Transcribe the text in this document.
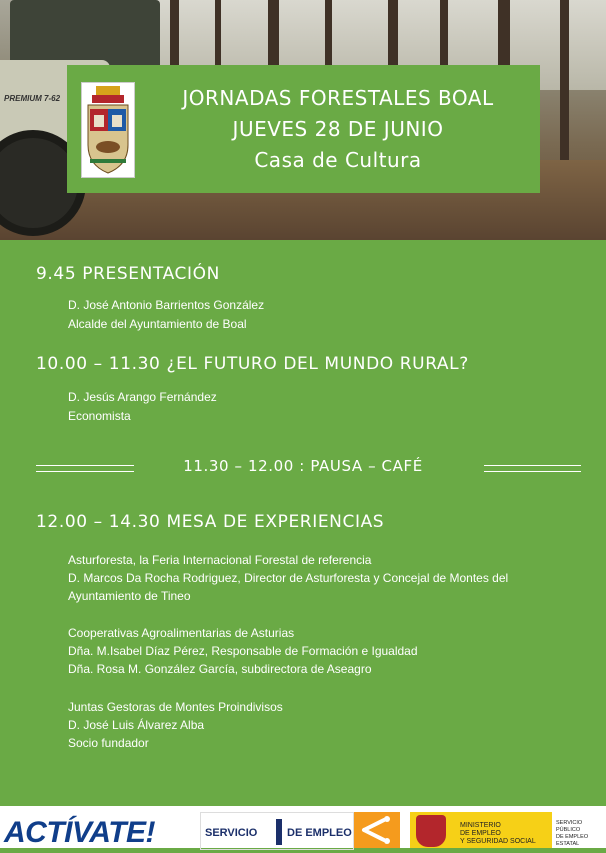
PREMIUM 7-62	JORNADAS FORESTALES BOAL
JUEVES 28 DE JUNIO
Casa de Cultura
9.45 PRESENTACIÓN
D. José Antonio Barrientos González
Alcalde del Ayuntamiento de Boal
10.00 – 11.30 ¿EL FUTURO DEL MUNDO RURAL?
D. Jesús Arango Fernández
Economista
11.30 – 12.00 : PAUSA – CAFÉ
12.00 – 14.30 MESA DE EXPERIENCIAS
Asturforesta, la Feria Internacional Forestal de referencia
D. Marcos Da Rocha Rodriguez, Director de Asturforesta y Concejal de Montes del
Ayuntamiento de Tineo
Cooperativas Agroalimentarias de Asturias
Dña. M.Isabel Díaz Pérez, Responsable de Formación e Igualdad
Dña. Rosa M. González García, subdirectora de Aseagro
Juntas Gestoras de Montes Proindivisos
D. José Luis Álvarez Alba
Socio fundador
ACTÍVATE!	SERVICIO	DE EMPLEO
MINISTERIO
DE EMPLEO
Y SEGURIDAD SOCIAL
SERVICIO PÚBLICO
DE EMPLEO ESTATAL
